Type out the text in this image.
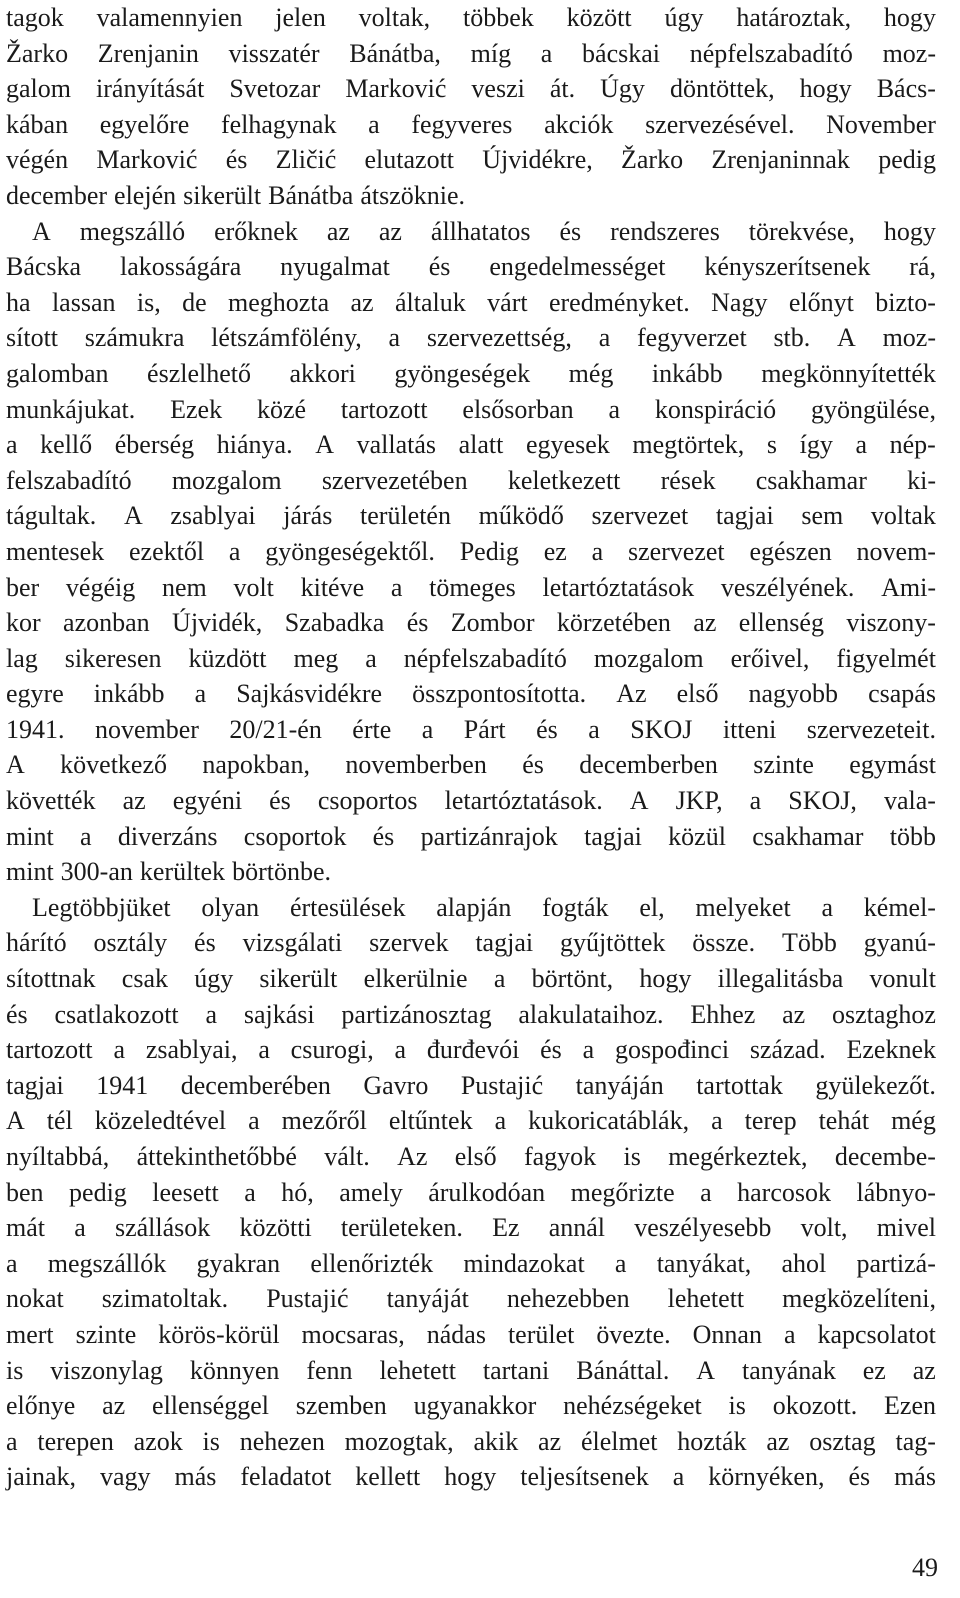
tagok valamennyien jelen voltak, többek között úgy határoztak, hogy
Žarko Zrenjanin visszatér Bánátba, míg a bácskai népfelszabadító moz-
galom irányítását Svetozar Marković veszi át. Úgy döntöttek, hogy Bács-
kában egyelőre felhagynak a fegyveres akciók szervezésével. November
végén Marković és Zličić elutazott Újvidékre, Žarko Zrenjaninnak pedig
december elején sikerült Bánátba átszöknie.
A megszálló erőknek az az állhatatos és rendszeres törekvése, hogy
Bácska lakosságára nyugalmat és engedelmességet kényszerítsenek rá,
ha lassan is, de meghozta az általuk várt eredményket. Nagy előnyt bizto-
sított számukra létszámfölény, a szervezettség, a fegyverzet stb. A moz-
galomban észlelhető akkori gyöngeségek még inkább megkönnyítették
munkájukat. Ezek közé tartozott elsősorban a konspiráció gyöngülése,
a kellő éberség hiánya. A vallatás alatt egyesek megtörtek, s így a nép-
felszabadító mozgalom szervezetében keletkezett rések csakhamar ki-
tágultak. A zsablyai járás területén működő szervezet tagjai sem voltak
mentesek ezektől a gyöngeségektől. Pedig ez a szervezet egészen novem-
ber végéig nem volt kitéve a tömeges letartóztatások veszélyének. Ami-
kor azonban Újvidék, Szabadka és Zombor körzetében az ellenség viszony-
lag sikeresen küzdött meg a népfelszabadító mozgalom erőivel, figyelmét
egyre inkább a Sajkásvidékre összpontosította. Az első nagyobb csapás
1941. november 20/21-én érte a Párt és a SKOJ itteni szervezeteit.
A következő napokban, novemberben és decemberben szinte egymást
követték az egyéni és csoportos letartóztatások. A JKP, a SKOJ, vala-
mint a diverzáns csoportok és partizánrajok tagjai közül csakhamar több
mint 300-an kerültek börtönbe.
Legtöbbjüket olyan értesülések alapján fogták el, melyeket a kémel-
hárító osztály és vizsgálati szervek tagjai gyűjtöttek össze. Több gyanú-
sítottnak csak úgy sikerült elkerülnie a börtönt, hogy illegalitásba vonult
és csatlakozott a sajkási partizánosztag alakulataihoz. Ehhez az osztaghoz
tartozott a zsablyai, a csurogi, a đurđevói és a gospođinci század. Ezeknek
tagjai 1941 decemberében Gavro Pustajić tanyáján tartottak gyülekezőt.
A tél közeledtével a mezőről eltűntek a kukoricatáblák, a terep tehát még
nyíltabbá, áttekinthetőbbé vált. Az első fagyok is megérkeztek, decembe-
ben pedig leesett a hó, amely árulkodóan megőrizte a harcosok lábnyo-
mát a szállások közötti területeken. Ez annál veszélyesebb volt, mivel
a megszállók gyakran ellenőrizték mindazokat a tanyákat, ahol partizá-
nokat szimatoltak. Pustajić tanyáját nehezebben lehetett megközelíteni,
mert szinte körös-körül mocsaras, nádas terület övezte. Onnan a kapcsolatot
is viszonylag könnyen fenn lehetett tartani Bánáttal. A tanyának ez az
előnye az ellenséggel szemben ugyanakkor nehézségeket is okozott. Ezen
a terepen azok is nehezen mozogtak, akik az élelmet hozták az osztag tag-
jainak, vagy más feladatot kellett hogy teljesítsenek a környéken, és más
49
